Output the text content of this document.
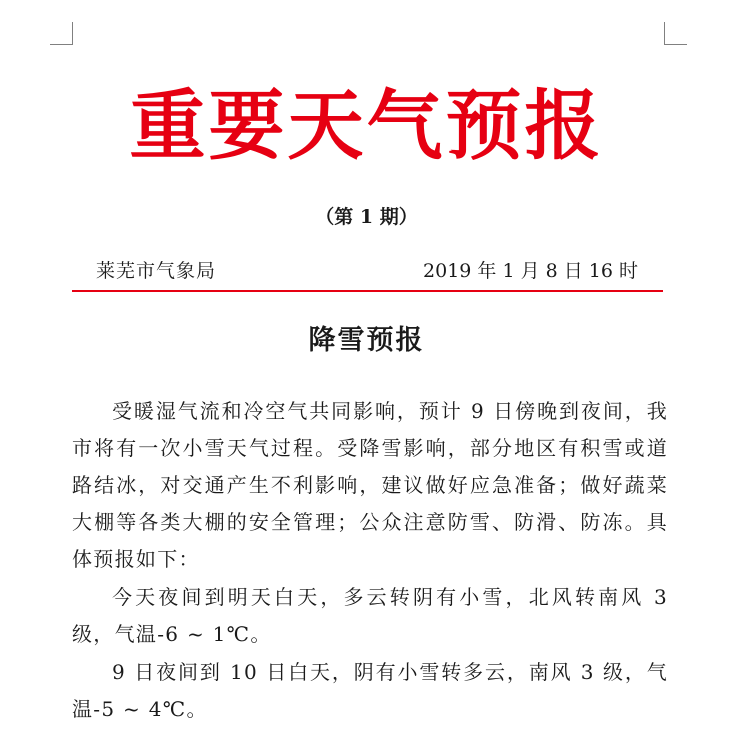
重要天气预报
（第 1 期）
莱芜市气象局	2019 年 1 月 8 日 16 时
降雪预报

受暖湿气流和冷空气共同影响，预计 9 日傍晚到夜间，我市将有一次小雪天气过程。受降雪影响，部分地区有积雪或道路结冰，对交通产生不利影响，建议做好应急准备；做好蔬菜大棚等各类大棚的安全管理；公众注意防雪、防滑、防冻。具体预报如下：

今天夜间到明天白天，多云转阴有小雪，北风转南风 3 级，气温-6 ~ 1℃。

9 日夜间到 10 日白天，阴有小雪转多云，南风 3 级，气温-5 ~ 4℃。
